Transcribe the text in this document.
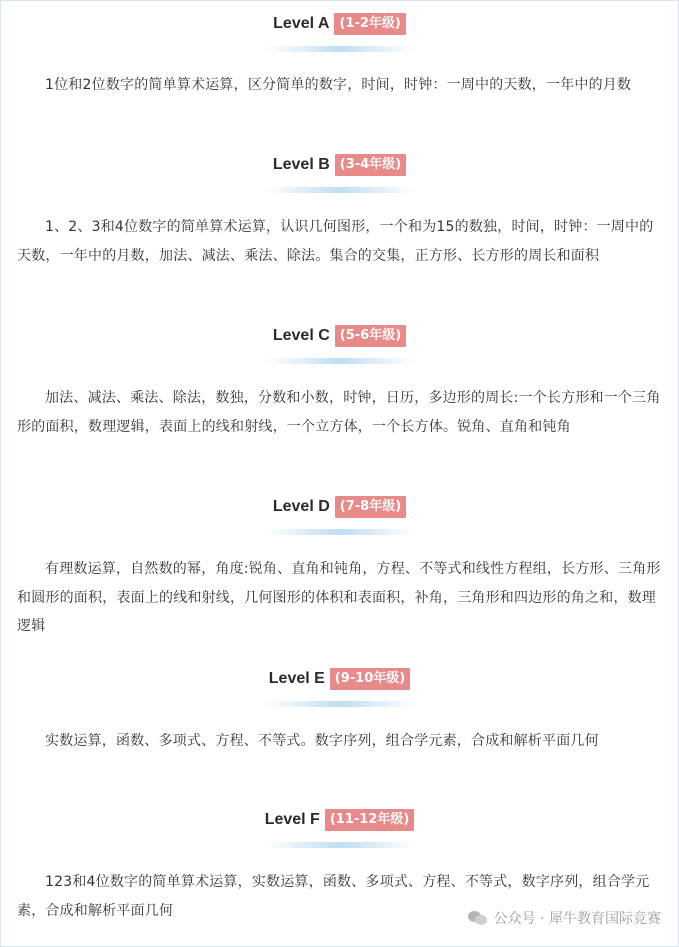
Level A (1-2年级)

1位和2位数字的简单算术运算，区分简单的数字，时间，时钟：一周中的天数，一年中的月数

Level B (3-4年级)

1、2、3和4位数字的简单算术运算，认识几何图形，一个和为15的数独，时间，时钟：一周中的天数，一年中的月数，加法、减法、乘法、除法。集合的交集，正方形、长方形的周长和面积

Level C (5-6年级)

加法、减法、乘法、除法，数独，分数和小数，时钟，日历，多边形的周长:一个长方形和一个三角形的面积，数理逻辑，表面上的线和射线，一个立方体，一个长方体。锐角、直角和钝角

Level D (7-8年级)

有理数运算，自然数的幂，角度:锐角、直角和钝角，方程、不等式和线性方程组，长方形、三角形和圆形的面积，表面上的线和射线，几何图形的体积和表面积，补角，三角形和四边形的角之和，数理逻辑

Level E (9-10年级)

实数运算，函数、多项式、方程、不等式。数字序列，组合学元素，合成和解析平面几何

Level F (11-12年级)

123和4位数字的简单算术运算，实数运算，函数、多项式、方程、不等式，数字序列，组合学元素，合成和解析平面几何

公众号 · 犀牛教育国际竞赛
